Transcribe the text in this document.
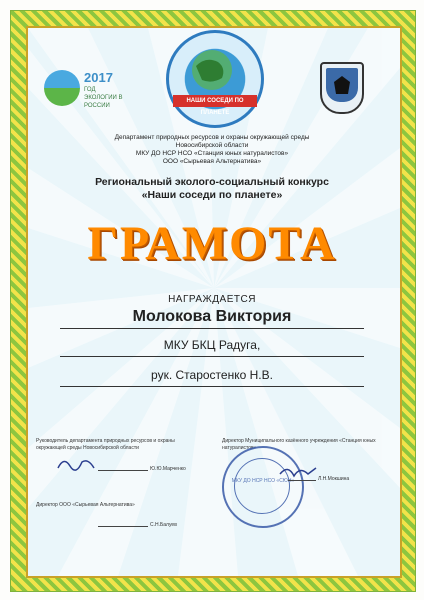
2017
ГОД ЭКОЛОГИИ В РОССИИ
НАШИ СОСЕДИ ПО ПЛАНЕТЕ
Департамент природных ресурсов и охраны окружающей среды
Новосибирской области
МКУ ДО НСР НСО «Станция юных натуралистов»
ООО «Сырьевая Альтернатива»
Региональный эколого-социальный конкурс
«Наши соседи по планете»
ГРАМОТА
НАГРАЖДАЕТСЯ
Молокова Виктория
МКУ БКЦ Радуга,
рук. Старостенко Н.В.
Руководитель департамента природных ресурсов и охраны окружающей среды Новосибирской области
Ю.Ю.Марченко
Директор ООО «Сырьевая Альтернатива»
С.Н.Балуев
Директор Муниципального казённого учреждения «Станция юных натуралистов»
МКУ ДО НСР НСО «СЮН»	Л.Н.Мокшина
